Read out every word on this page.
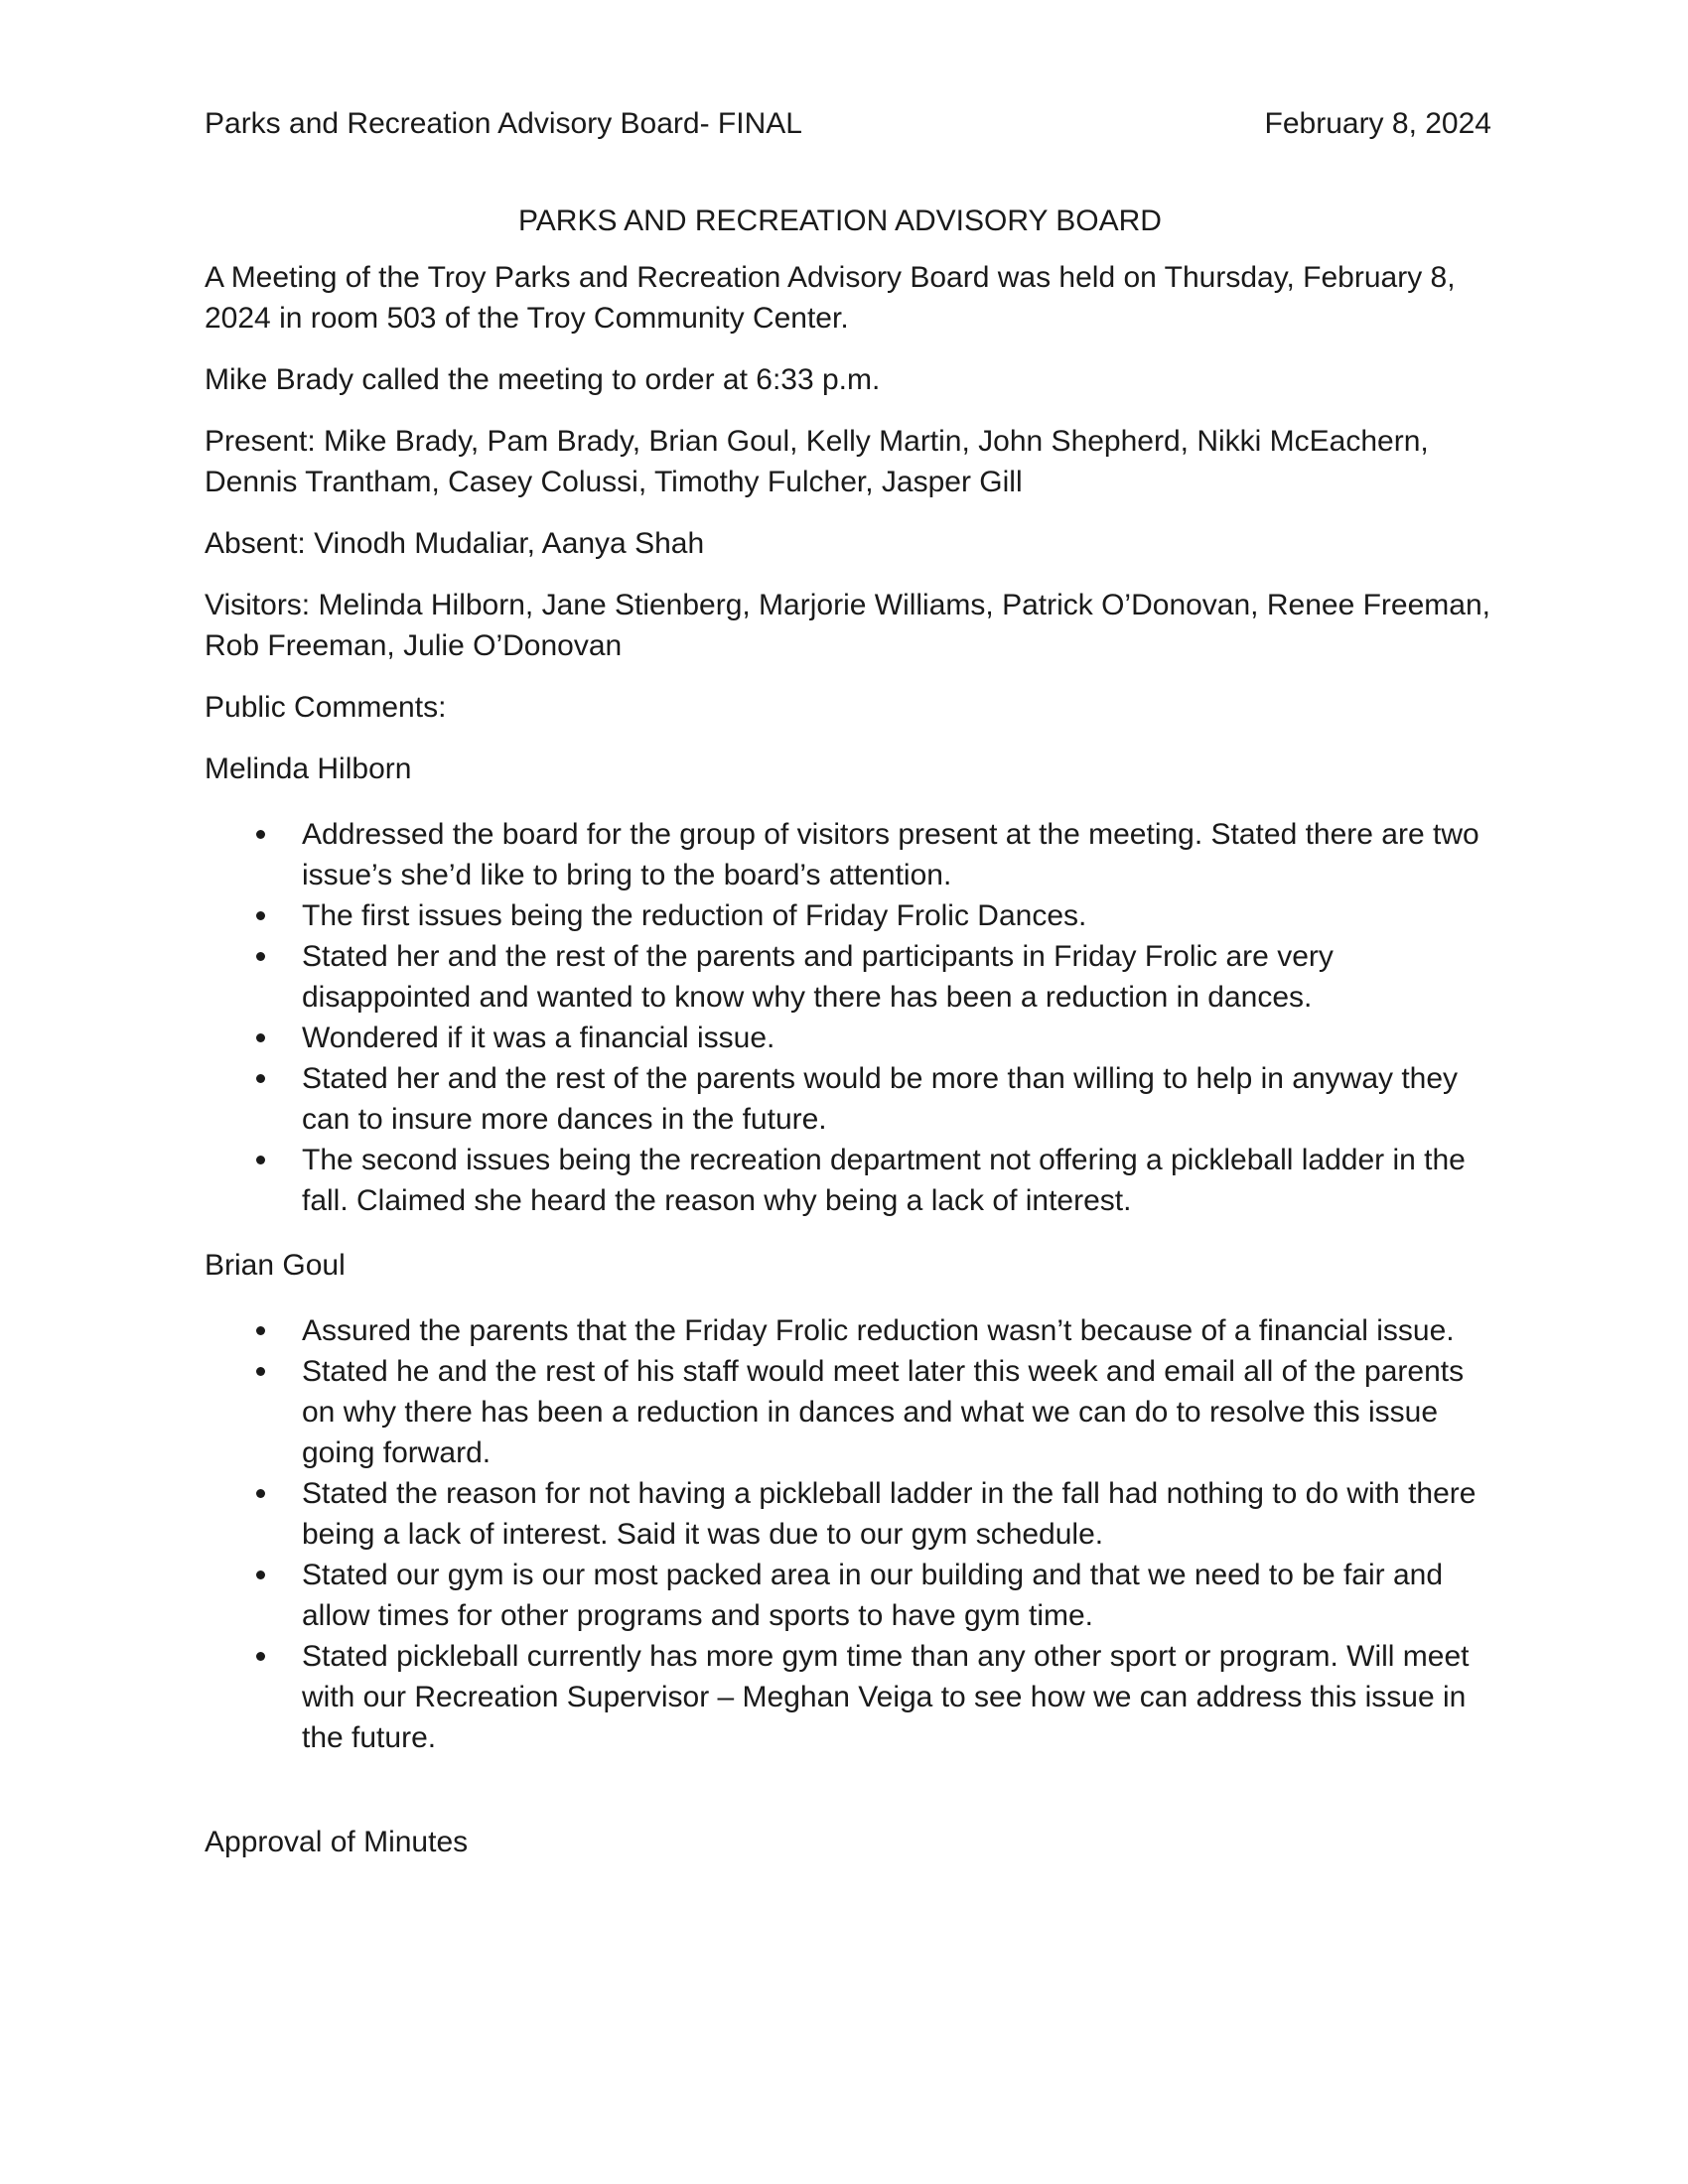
Parks and Recreation Advisory Board- FINAL	February 8, 2024
PARKS AND RECREATION ADVISORY BOARD

A Meeting of the Troy Parks and Recreation Advisory Board was held on Thursday, February 8, 2024 in room 503 of the Troy Community Center.

Mike Brady called the meeting to order at 6:33 p.m.

Present: Mike Brady, Pam Brady, Brian Goul, Kelly Martin, John Shepherd, Nikki McEachern, Dennis Trantham, Casey Colussi, Timothy Fulcher, Jasper Gill

Absent: Vinodh Mudaliar, Aanya Shah

Visitors: Melinda Hilborn, Jane Stienberg, Marjorie Williams, Patrick O’Donovan, Renee Freeman, Rob Freeman, Julie O’Donovan

Public Comments:

Melinda Hilborn

Addressed the board for the group of visitors present at the meeting. Stated there are two issue’s she’d like to bring to the board’s attention.
The first issues being the reduction of Friday Frolic Dances.
Stated her and the rest of the parents and participants in Friday Frolic are very disappointed and wanted to know why there has been a reduction in dances.
Wondered if it was a financial issue.
Stated her and the rest of the parents would be more than willing to help in anyway they can to insure more dances in the future.
The second issues being the recreation department not offering a pickleball ladder in the fall. Claimed she heard the reason why being a lack of interest.

Brian Goul

Assured the parents that the Friday Frolic reduction wasn’t because of a financial issue.
Stated he and the rest of his staff would meet later this week and email all of the parents on why there has been a reduction in dances and what we can do to resolve this issue going forward.
Stated the reason for not having a pickleball ladder in the fall had nothing to do with there being a lack of interest. Said it was due to our gym schedule.
Stated our gym is our most packed area in our building and that we need to be fair and allow times for other programs and sports to have gym time.
Stated pickleball currently has more gym time than any other sport or program. Will meet with our Recreation Supervisor – Meghan Veiga to see how we can address this issue in the future.

Approval of Minutes
